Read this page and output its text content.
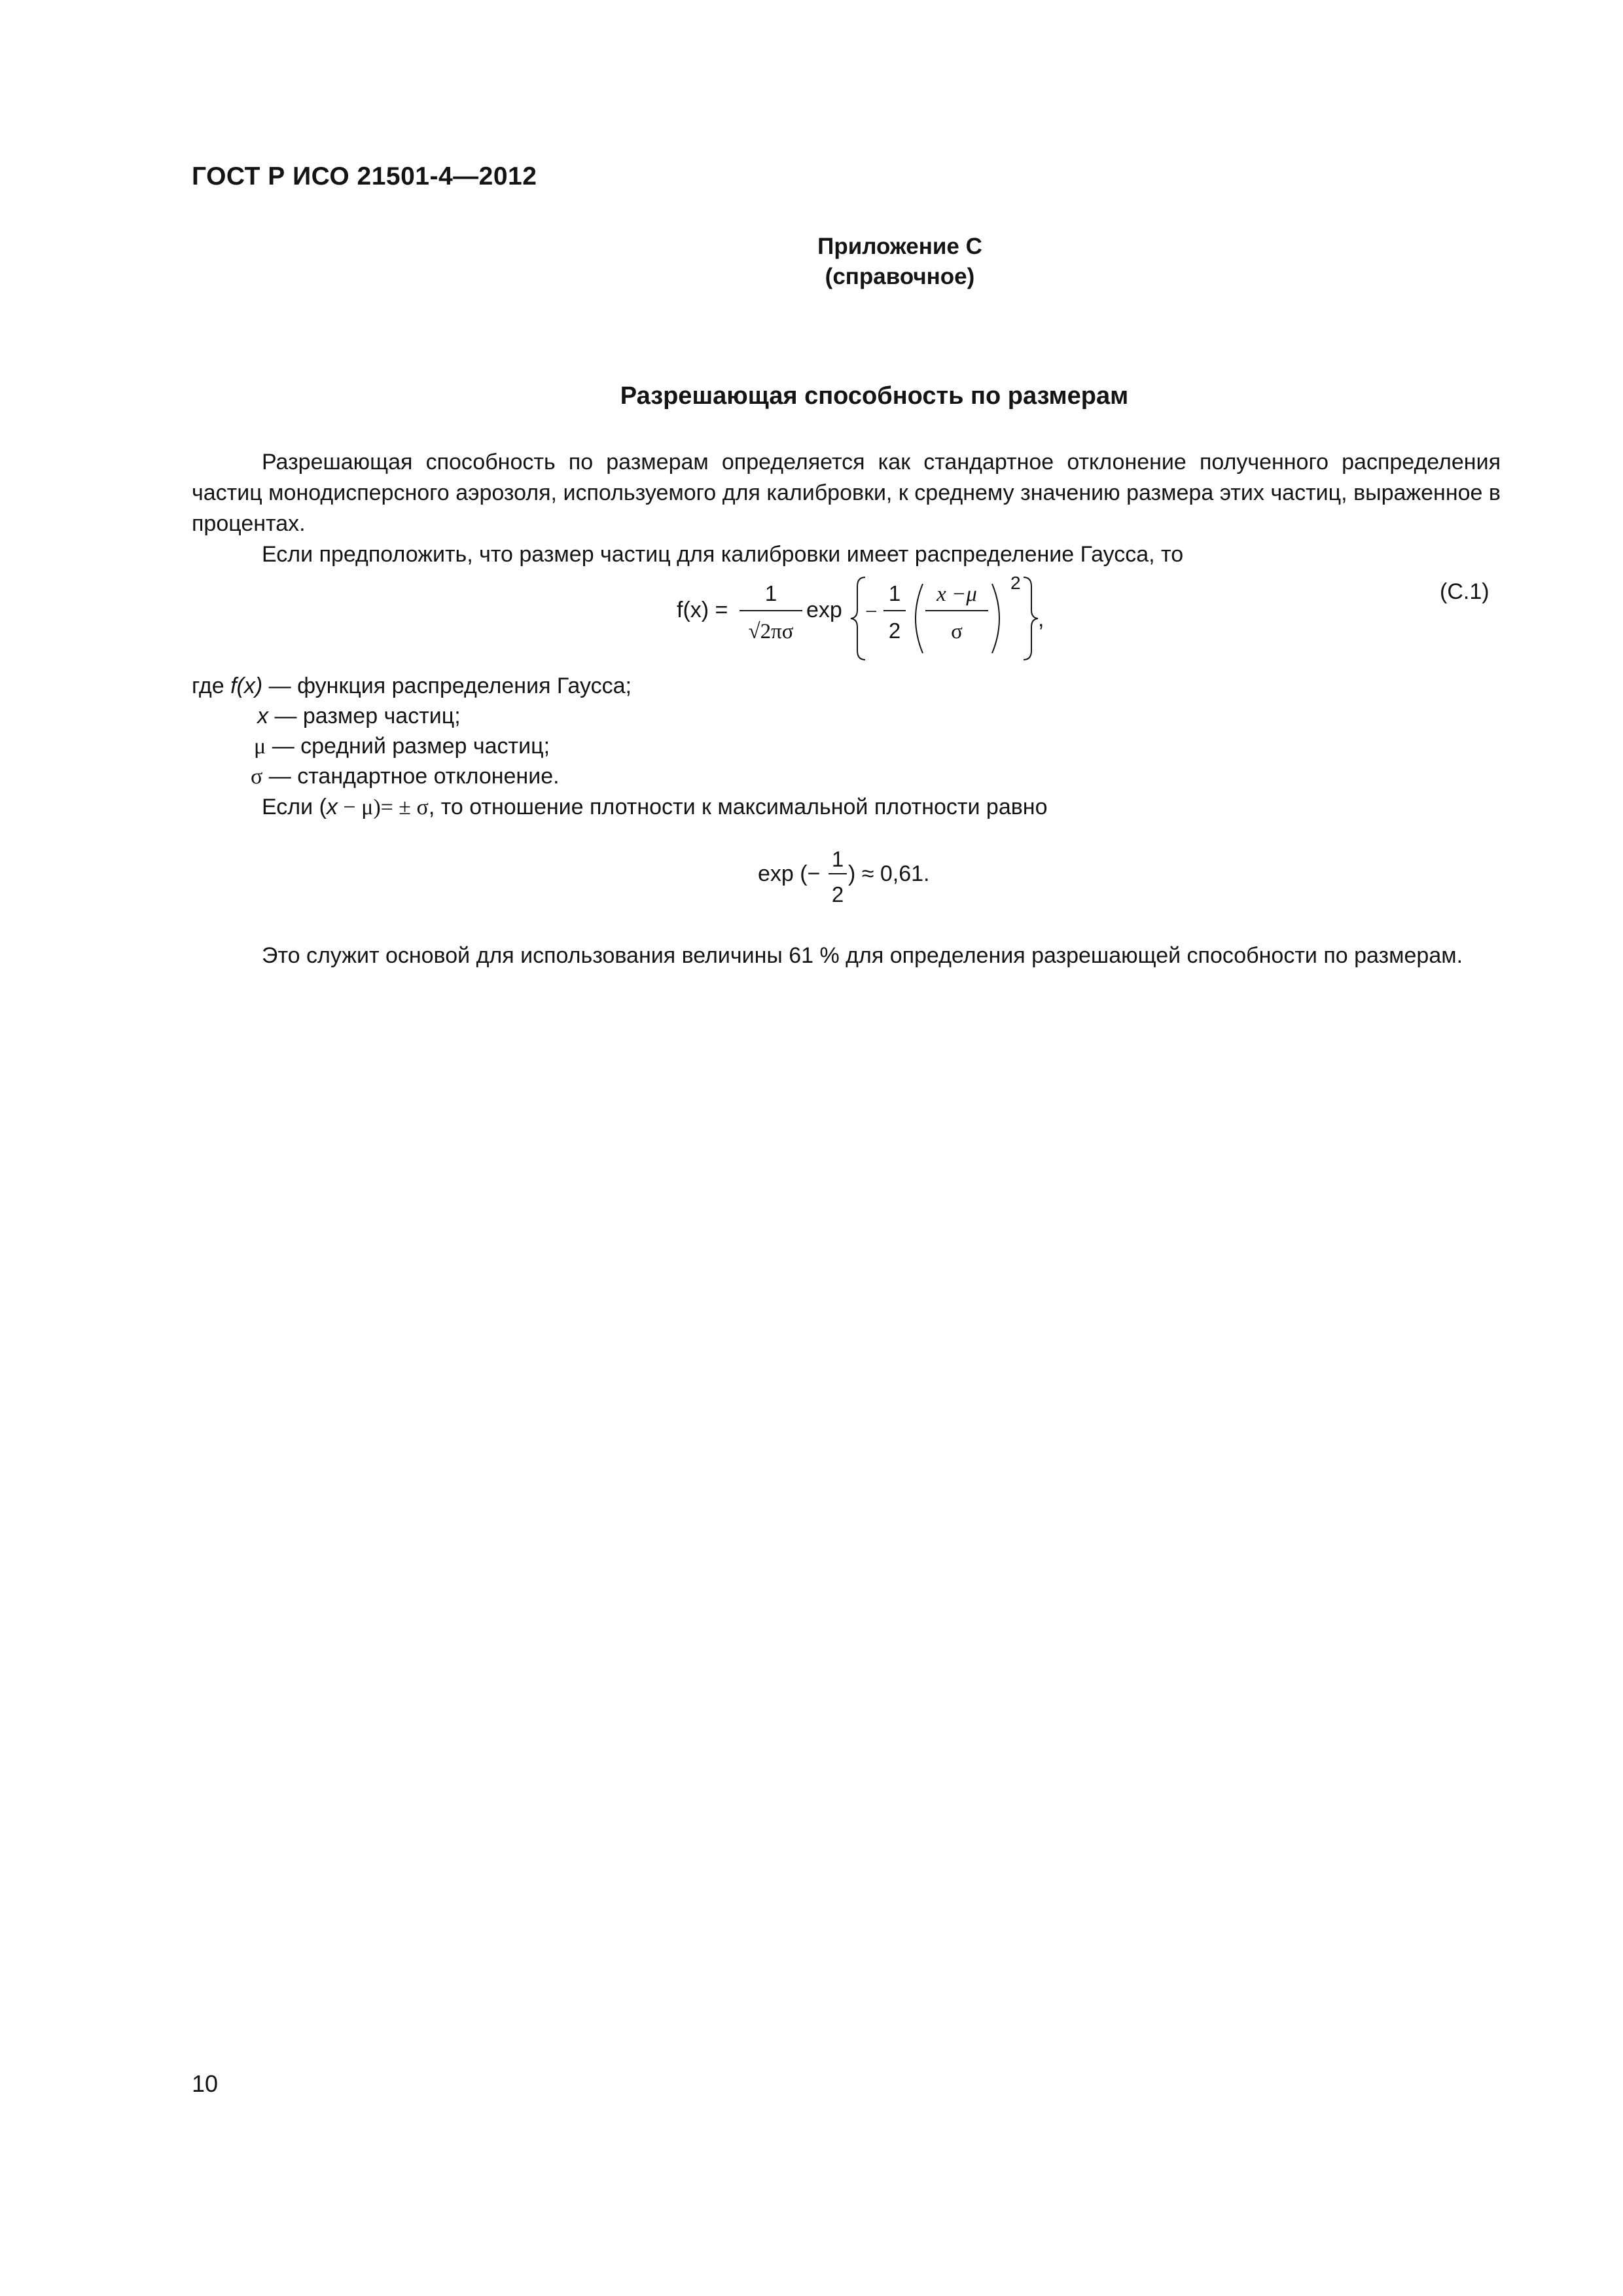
ГОСТ Р ИСО 21501-4—2012
Приложение С
(справочное)
Разрешающая способность по размерам
Разрешающая способность по размерам определяется как стандартное отклонение полученного распределения частиц монодисперсного аэрозоля, используемого для калибровки, к среднему значению размера этих частиц, выраженное в процентах.
Если предположить, что размер частиц для калибровки имеет распределение Гаусса, то
f(x) =
1
√2πσ
exp −
1
2
x −μ
σ
2
,
(С.1)
где f(x) — функция распределения Гаусса;
x — размер частиц;
μ — средний размер частиц;
σ — стандартное отклонение.
Если (x − μ)= ± σ, то отношение плотности к максимальной плотности равно
exp (−
1
2
) ≈ 0,61.
Это служит основой для использования величины 61 % для определения разрешающей способности по размерам.
10
